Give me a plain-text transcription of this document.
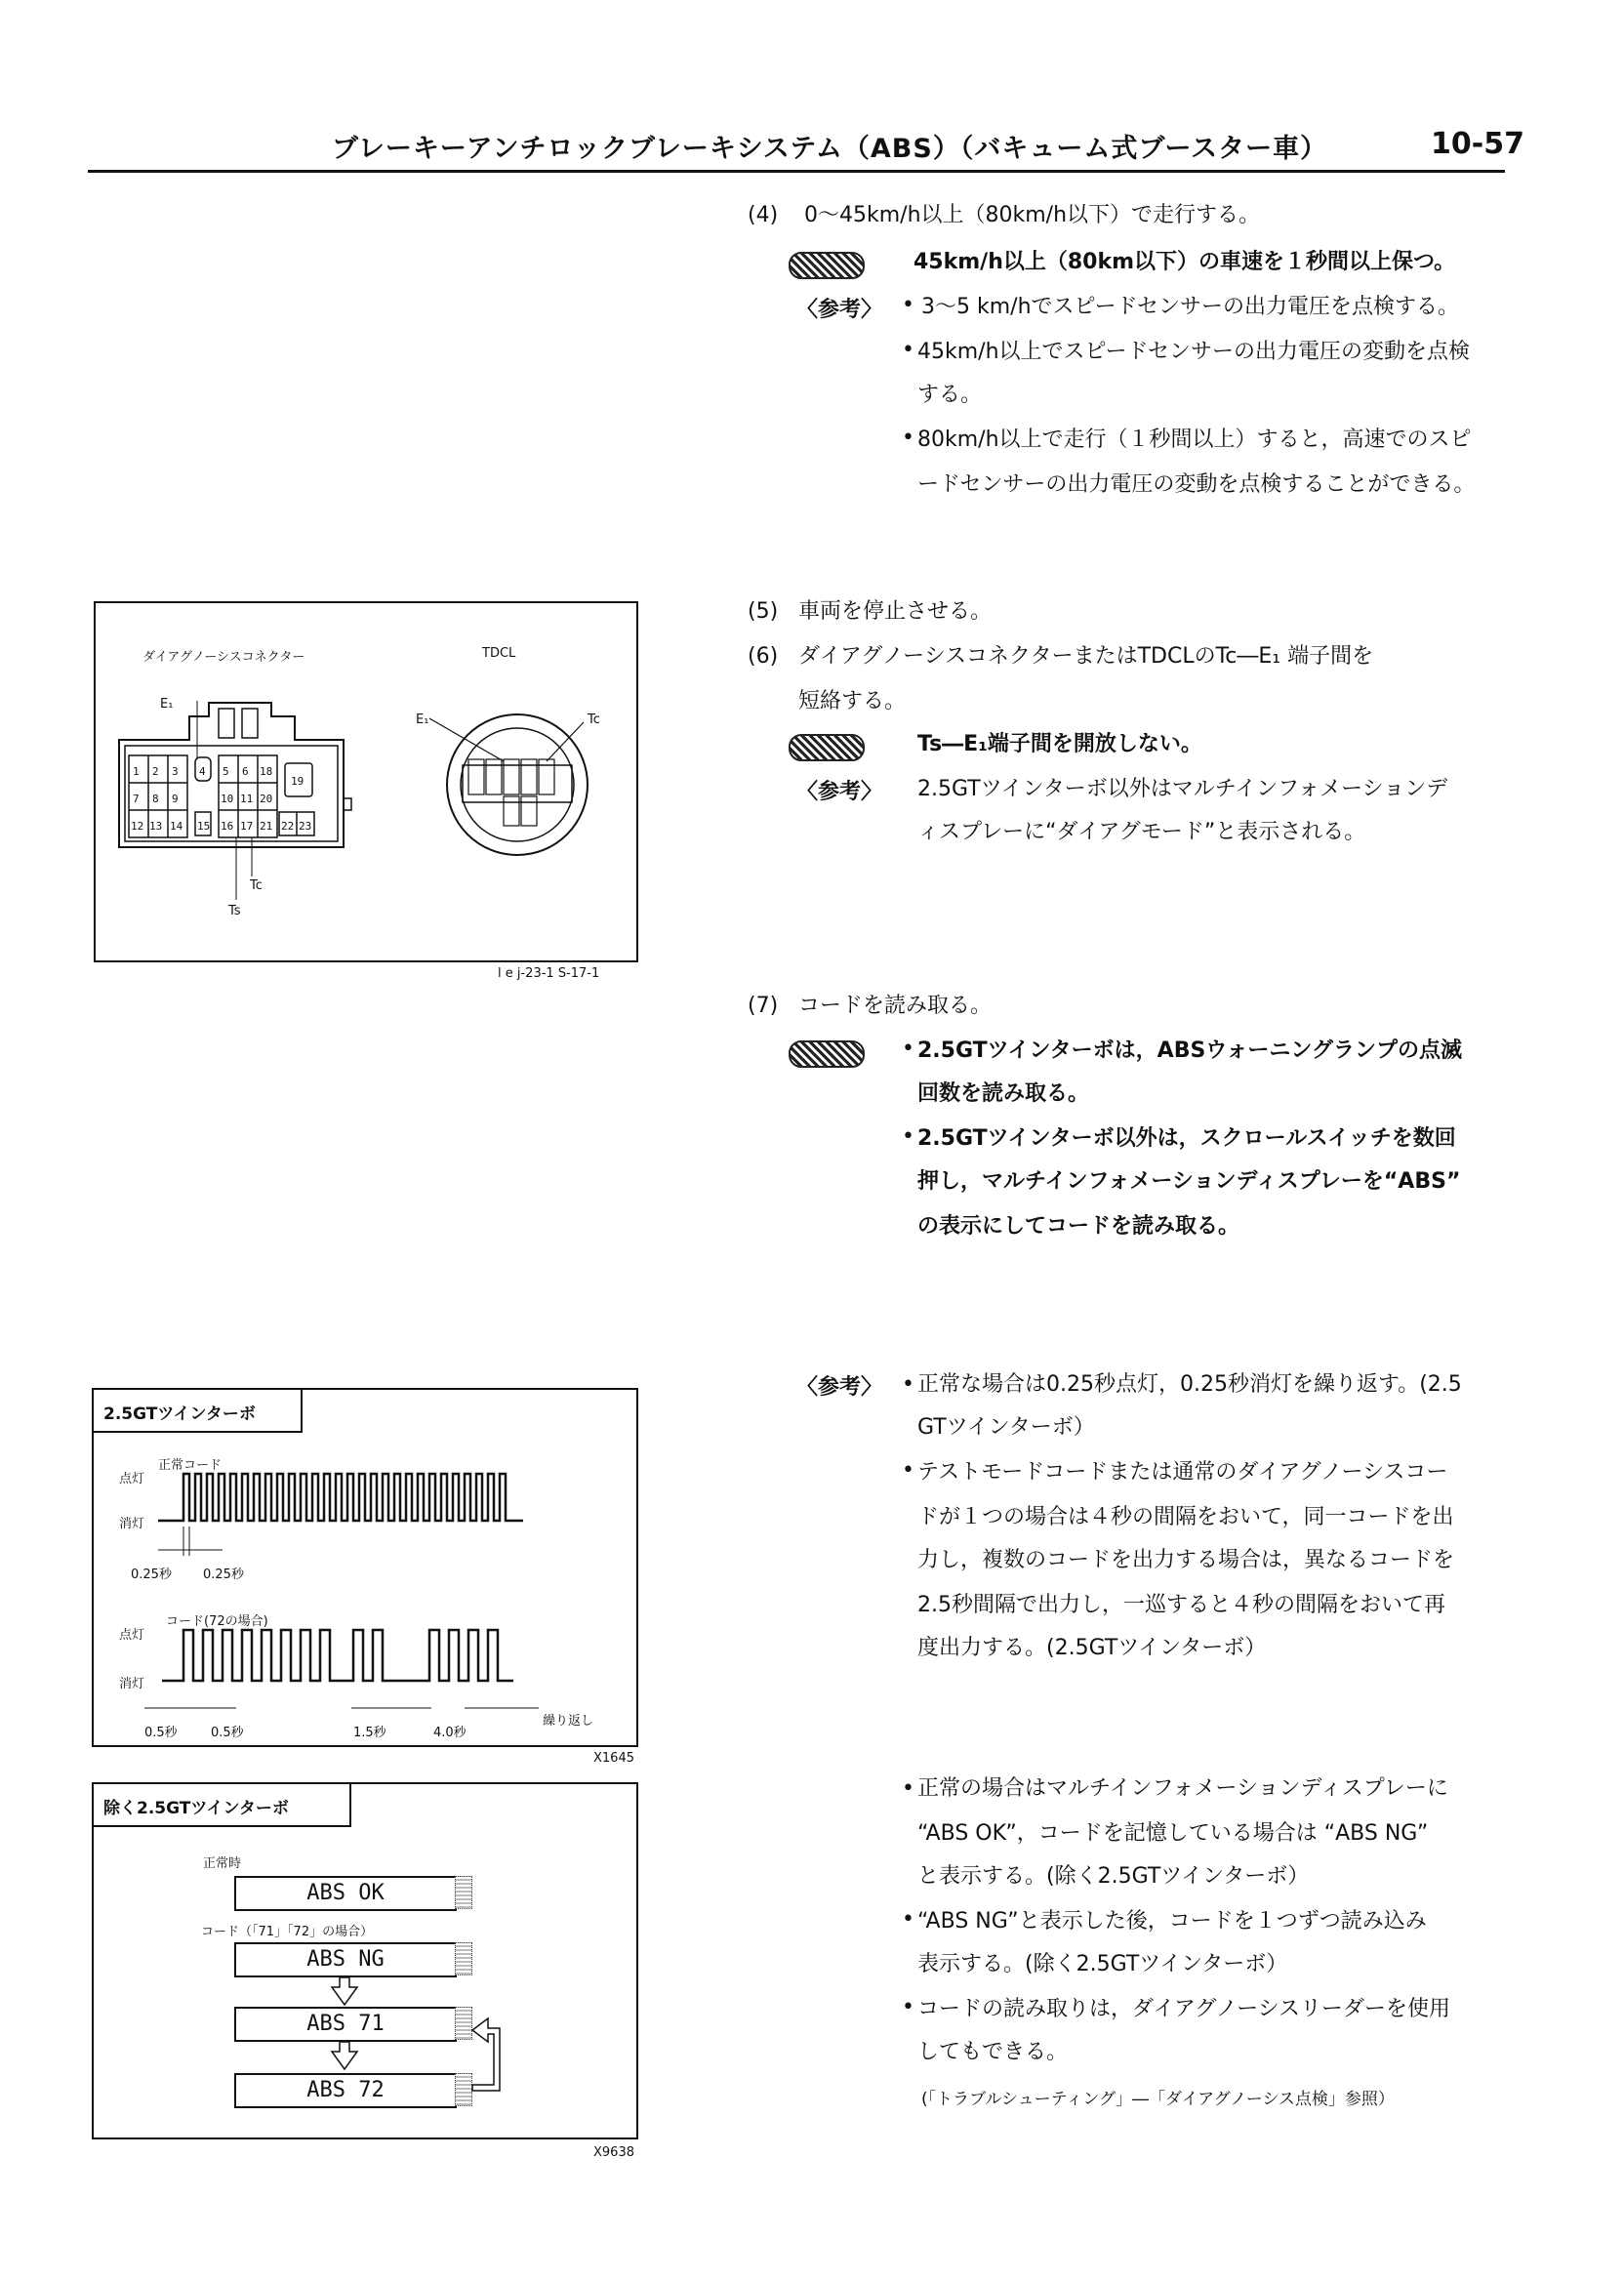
ブレーキーアンチロックブレーキシステム（ABS）（バキューム式ブースター車）	10-57
(4) 0～45km/h以上（80km/h以下）で走行する。
45km/h以上（80km以下）の車速を１秒間以上保つ。
〈参考〉 • 3～5 km/hでスピードセンサーの出力電圧を点検する。
• 45km/h以上でスピードセンサーの出力電圧の変動を点検
する。
• 80km/h以上で走行（１秒間以上）すると，高速でのスピ
ードセンサーの出力電圧の変動を点検することができる。
(5) 車両を停止させる。
(6) ダイアグノーシスコネクターまたはTDCLのTc―E₁ 端子間を
短絡する。
Ts―E₁端子間を開放しない。
〈参考〉 2.5GTツインターボ以外はマルチインフォメーションデ
ィスプレーに“ダイアグモード”と表示される。
(7) コードを読み取る。
• 2.5GTツインターボは，ABSウォーニングランプの点滅
回数を読み取る。
• 2.5GTツインターボ以外は，スクロールスイッチを数回
押し，マルチインフォメーションディスプレーを“ABS”
の表示にしてコードを読み取る。
〈参考〉 • 正常な場合は0.25秒点灯，0.25秒消灯を繰り返す。(2.5
GTツインターボ）
• テストモードコードまたは通常のダイアグノーシスコー
ドが１つの場合は４秒の間隔をおいて，同一コードを出
力し，複数のコードを出力する場合は，異なるコードを
2.5秒間隔で出力し，一巡すると４秒の間隔をおいて再
度出力する。(2.5GTツインターボ）
• 正常の場合はマルチインフォメーションディスプレーに
“ABS OK”，コードを記憶している場合は “ABS NG”
と表示する。(除く2.5GTツインターボ）
• “ABS NG”と表示した後，コードを１つずつ読み込み
表示する。(除く2.5GTツインターボ）
• コードの読み取りは，ダイアグノーシスリーダーを使用
してもできる。
(「トラブルシューティング」―「ダイアグノーシス点検」参照）
ダイアグノーシスコネクター	TDCL
E₁
E₁	Tc
Tc
Ts
1 2 3 4 5 6 18
7 8 9	10 11 20
12 13 14 15 16 17 21 22 23
19
l e j-23-1 S-17-1
2.5GTツインターボ
正常コード
点灯
消灯
0.25秒 0.25秒
コード(72の場合)
点灯
消灯
0.5秒	0.5秒	1.5秒	4.0秒
繰り返し
X1645
除く2.5GTツインターボ
正常時
ABS OK
コード（「71」「72」の場合）
ABS NG
ABS 71
ABS 72
X9638
